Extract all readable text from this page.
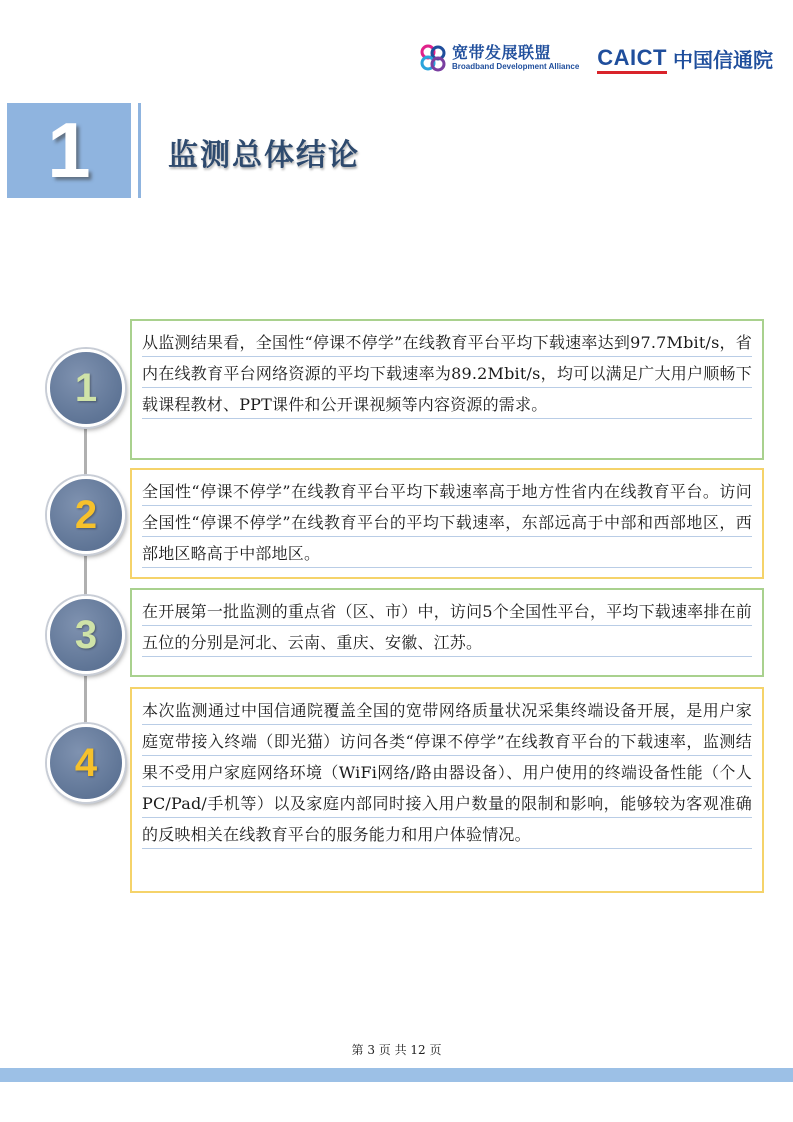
宽带发展联盟
Broadband Development Alliance CAICT 中国信通院
1	监测总体结论
1

从监测结果看，全国性“停课不停学”在线教育平台平均下载速率达到97.7Mbit/s，省内在线教育平台网络资源的平均下载速率为89.2Mbit/s，均可以满足广大用户顺畅下载课程教材、PPT课件和公开课视频等内容资源的需求。

2

全国性“停课不停学”在线教育平台平均下载速率高于地方性省内在线教育平台。访问全国性“停课不停学”在线教育平台的平均下载速率，东部远高于中部和西部地区，西部地区略高于中部地区。

3

在开展第一批监测的重点省（区、市）中，访问5个全国性平台，平均下载速率排在前五位的分别是河北、云南、重庆、安徽、江苏。

4

本次监测通过中国信通院覆盖全国的宽带网络质量状况采集终端设备开展，是用户家庭宽带接入终端（即光猫）访问各类“停课不停学”在线教育平台的下载速率，监测结果不受用户家庭网络环境（WiFi网络/路由器设备）、用户使用的终端设备性能（个人PC/Pad/手机等）以及家庭内部同时接入用户数量的限制和影响，能够较为客观准确的反映相关在线教育平台的服务能力和用户体验情况。

第 3 页 共 12 页
